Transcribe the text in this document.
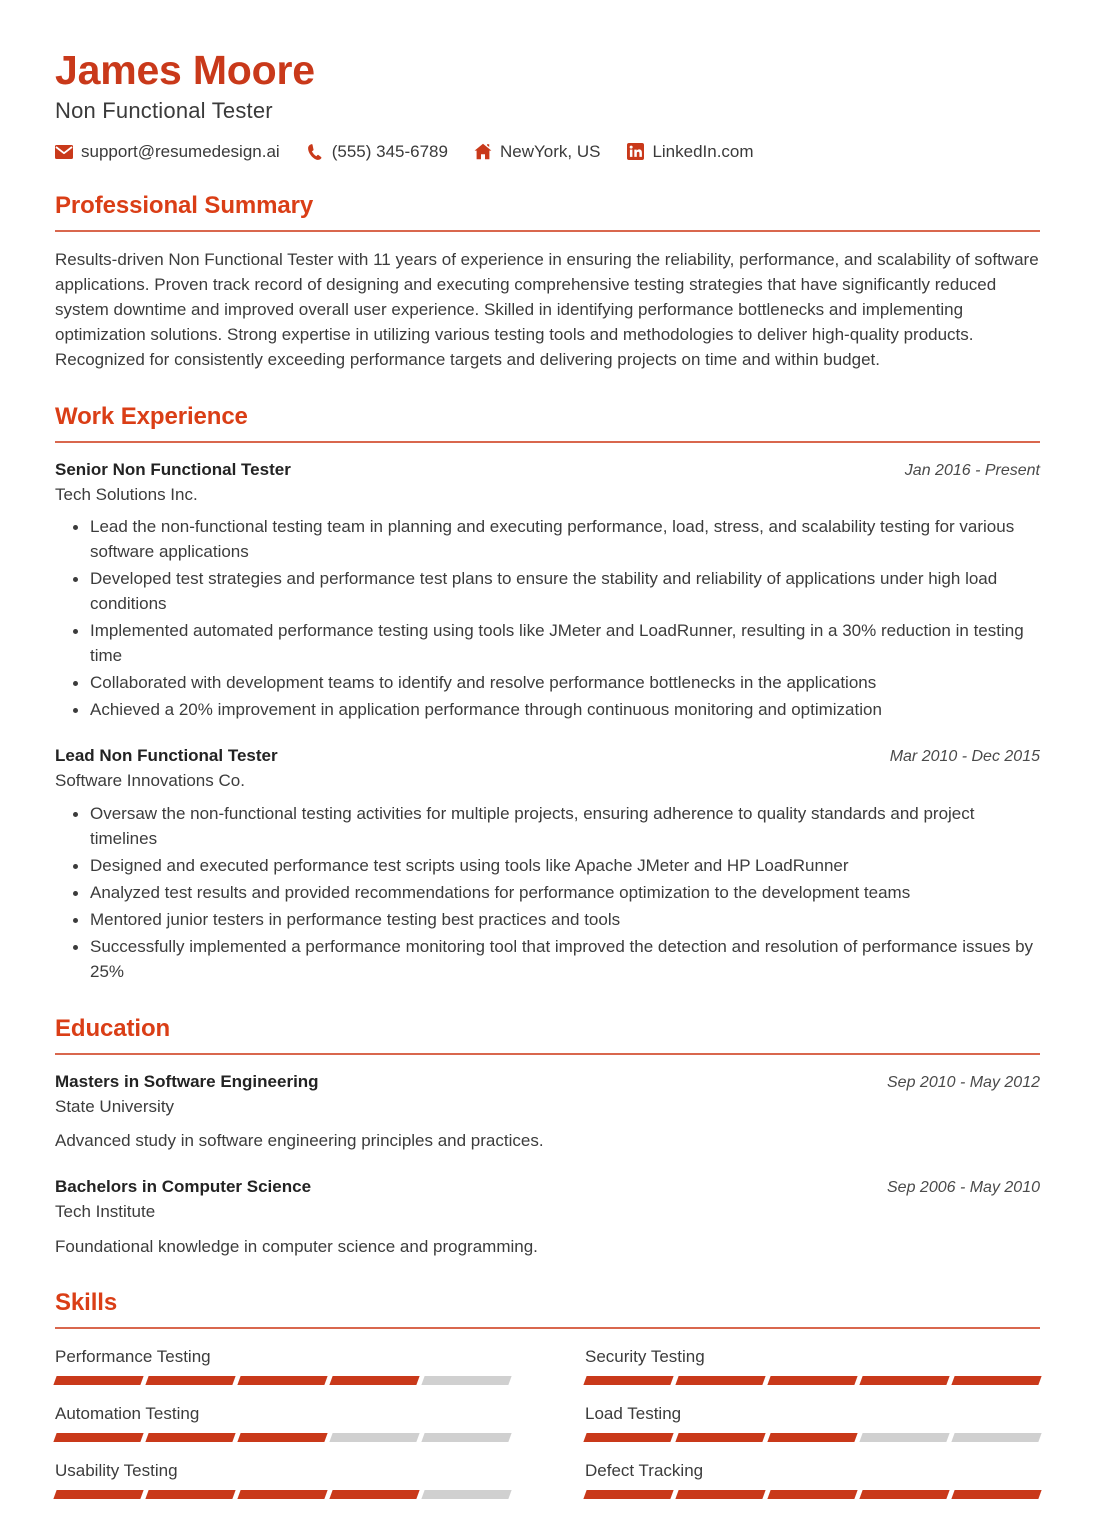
James Moore
Non Functional Tester
support@resumedesign.ai	(555) 345-6789	NewYork, US	LinkedIn.com
Professional Summary
Results-driven Non Functional Tester with 11 years of experience in ensuring the reliability, performance, and scalability of software applications. Proven track record of designing and executing comprehensive testing strategies that have significantly reduced system downtime and improved overall user experience. Skilled in identifying performance bottlenecks and implementing optimization solutions. Strong expertise in utilizing various testing tools and methodologies to deliver high-quality products. Recognized for consistently exceeding performance targets and delivering projects on time and within budget.
Work Experience
Senior Non Functional Tester	Jan 2016 - Present
Tech Solutions Inc.
Lead the non-functional testing team in planning and executing performance, load, stress, and scalability testing for various software applications
Developed test strategies and performance test plans to ensure the stability and reliability of applications under high load conditions
Implemented automated performance testing using tools like JMeter and LoadRunner, resulting in a 30% reduction in testing time
Collaborated with development teams to identify and resolve performance bottlenecks in the applications
Achieved a 20% improvement in application performance through continuous monitoring and optimization
Lead Non Functional Tester	Mar 2010 - Dec 2015
Software Innovations Co.
Oversaw the non-functional testing activities for multiple projects, ensuring adherence to quality standards and project timelines
Designed and executed performance test scripts using tools like Apache JMeter and HP LoadRunner
Analyzed test results and provided recommendations for performance optimization to the development teams
Mentored junior testers in performance testing best practices and tools
Successfully implemented a performance monitoring tool that improved the detection and resolution of performance issues by 25%
Education
Masters in Software Engineering	Sep 2010 - May 2012
State University
Advanced study in software engineering principles and practices.
Bachelors in Computer Science	Sep 2006 - May 2010
Tech Institute
Foundational knowledge in computer science and programming.
Skills
Performance Testing	Security Testing
Automation Testing	Load Testing
Usability Testing	Defect Tracking
